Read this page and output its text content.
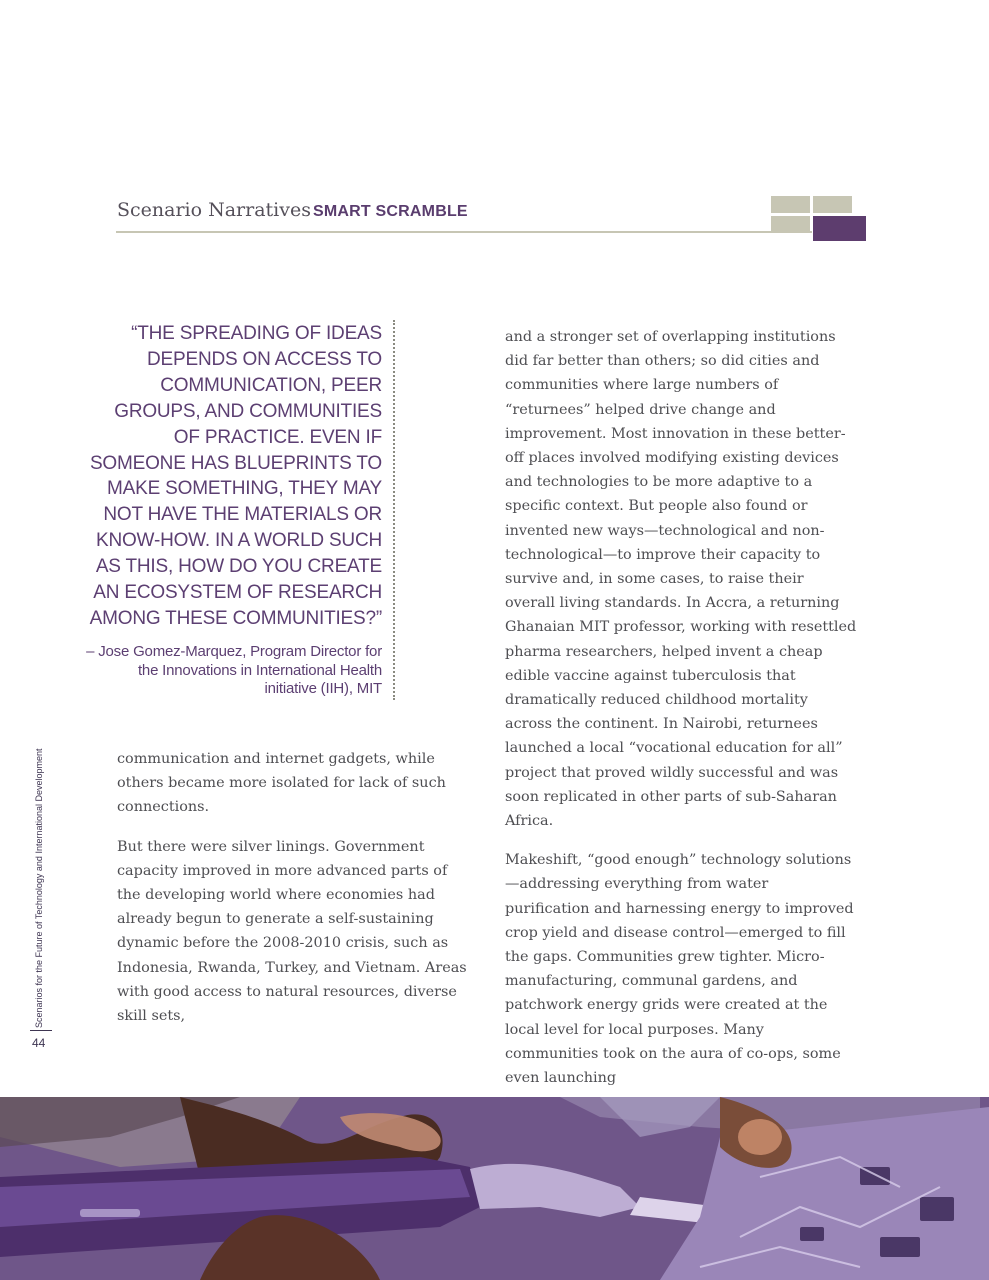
Scenario Narratives SMART SCRAMBLE
“THE SPREADING OF IDEAS DEPENDS ON ACCESS TO COMMUNICATION, PEER GROUPS, AND COMMUNITIES OF PRACTICE. EVEN IF SOMEONE HAS BLUEPRINTS TO MAKE SOMETHING, THEY MAY NOT HAVE THE MATERIALS OR KNOW-HOW. IN A WORLD SUCH AS THIS, HOW DO YOU CREATE AN ECOSYSTEM OF RESEARCH AMONG THESE COMMUNITIES?”
– Jose Gomez-Marquez, Program Director for the Innovations in International Health initiative (IIH), MIT

communication and internet gadgets, while others became more isolated for lack of such connections.

But there were silver linings. Government capacity improved in more advanced parts of the developing world where economies had already begun to generate a self-sustaining dynamic before the 2008-2010 crisis, such as Indonesia, Rwanda, Turkey, and Vietnam. Areas with good access to natural resources, diverse skill sets,

and a stronger set of overlapping institutions did far better than others; so did cities and communities where large numbers of “returnees” helped drive change and improvement. Most innovation in these better-off places involved modifying existing devices and technologies to be more adaptive to a specific context. But people also found or invented new ways—technological and non-technological—to improve their capacity to survive and, in some cases, to raise their overall living standards. In Accra, a returning Ghanaian MIT professor, working with resettled pharma researchers, helped invent a cheap edible vaccine against tuberculosis that dramatically reduced childhood mortality across the continent. In Nairobi, returnees launched a local “vocational education for all” project that proved wildly successful and was soon replicated in other parts of sub-Saharan Africa.

Makeshift, “good enough” technology solutions—addressing everything from water purification and harnessing energy to improved crop yield and disease control—emerged to fill the gaps. Communities grew tighter. Micro-manufacturing, communal gardens, and patchwork energy grids were created at the local level for local purposes. Many communities took on the aura of co-ops, some even launching

Scenarios for the Future of Technology and International Development
44
